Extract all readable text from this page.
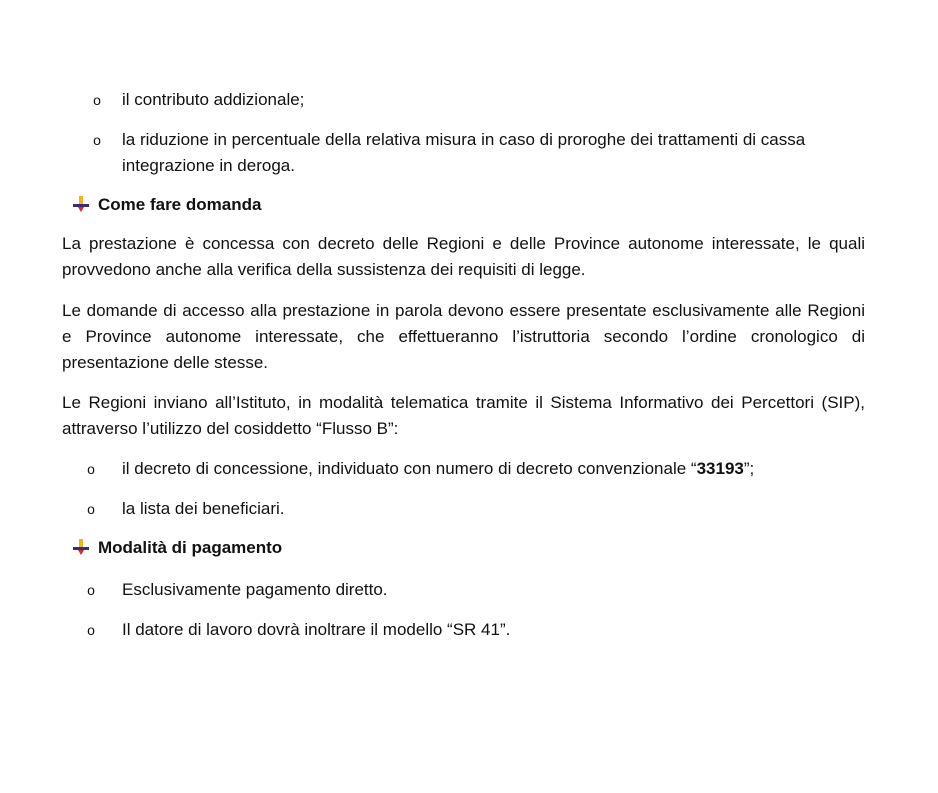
o il contributo addizionale;
o la riduzione in percentuale della relativa misura in caso di proroghe dei trattamenti di cassa integrazione in deroga.
Come fare domanda
La prestazione è concessa con decreto delle Regioni e delle Province autonome interessate, le quali provvedono anche alla verifica della sussistenza dei requisiti di legge.
Le domande di accesso alla prestazione in parola devono essere presentate esclusivamente alle Regioni e Province autonome interessate, che effettueranno l’istruttoria secondo l’ordine cronologico di presentazione delle stesse.
Le Regioni inviano all’Istituto, in modalità telematica tramite il Sistema Informativo dei Percettori (SIP), attraverso l’utilizzo del cosiddetto “Flusso B”:
o il decreto di concessione, individuato con numero di decreto convenzionale “33193”;
o la lista dei beneficiari.
Modalità di pagamento
o Esclusivamente pagamento diretto.
o Il datore di lavoro dovrà inoltrare il modello “SR 41”.
